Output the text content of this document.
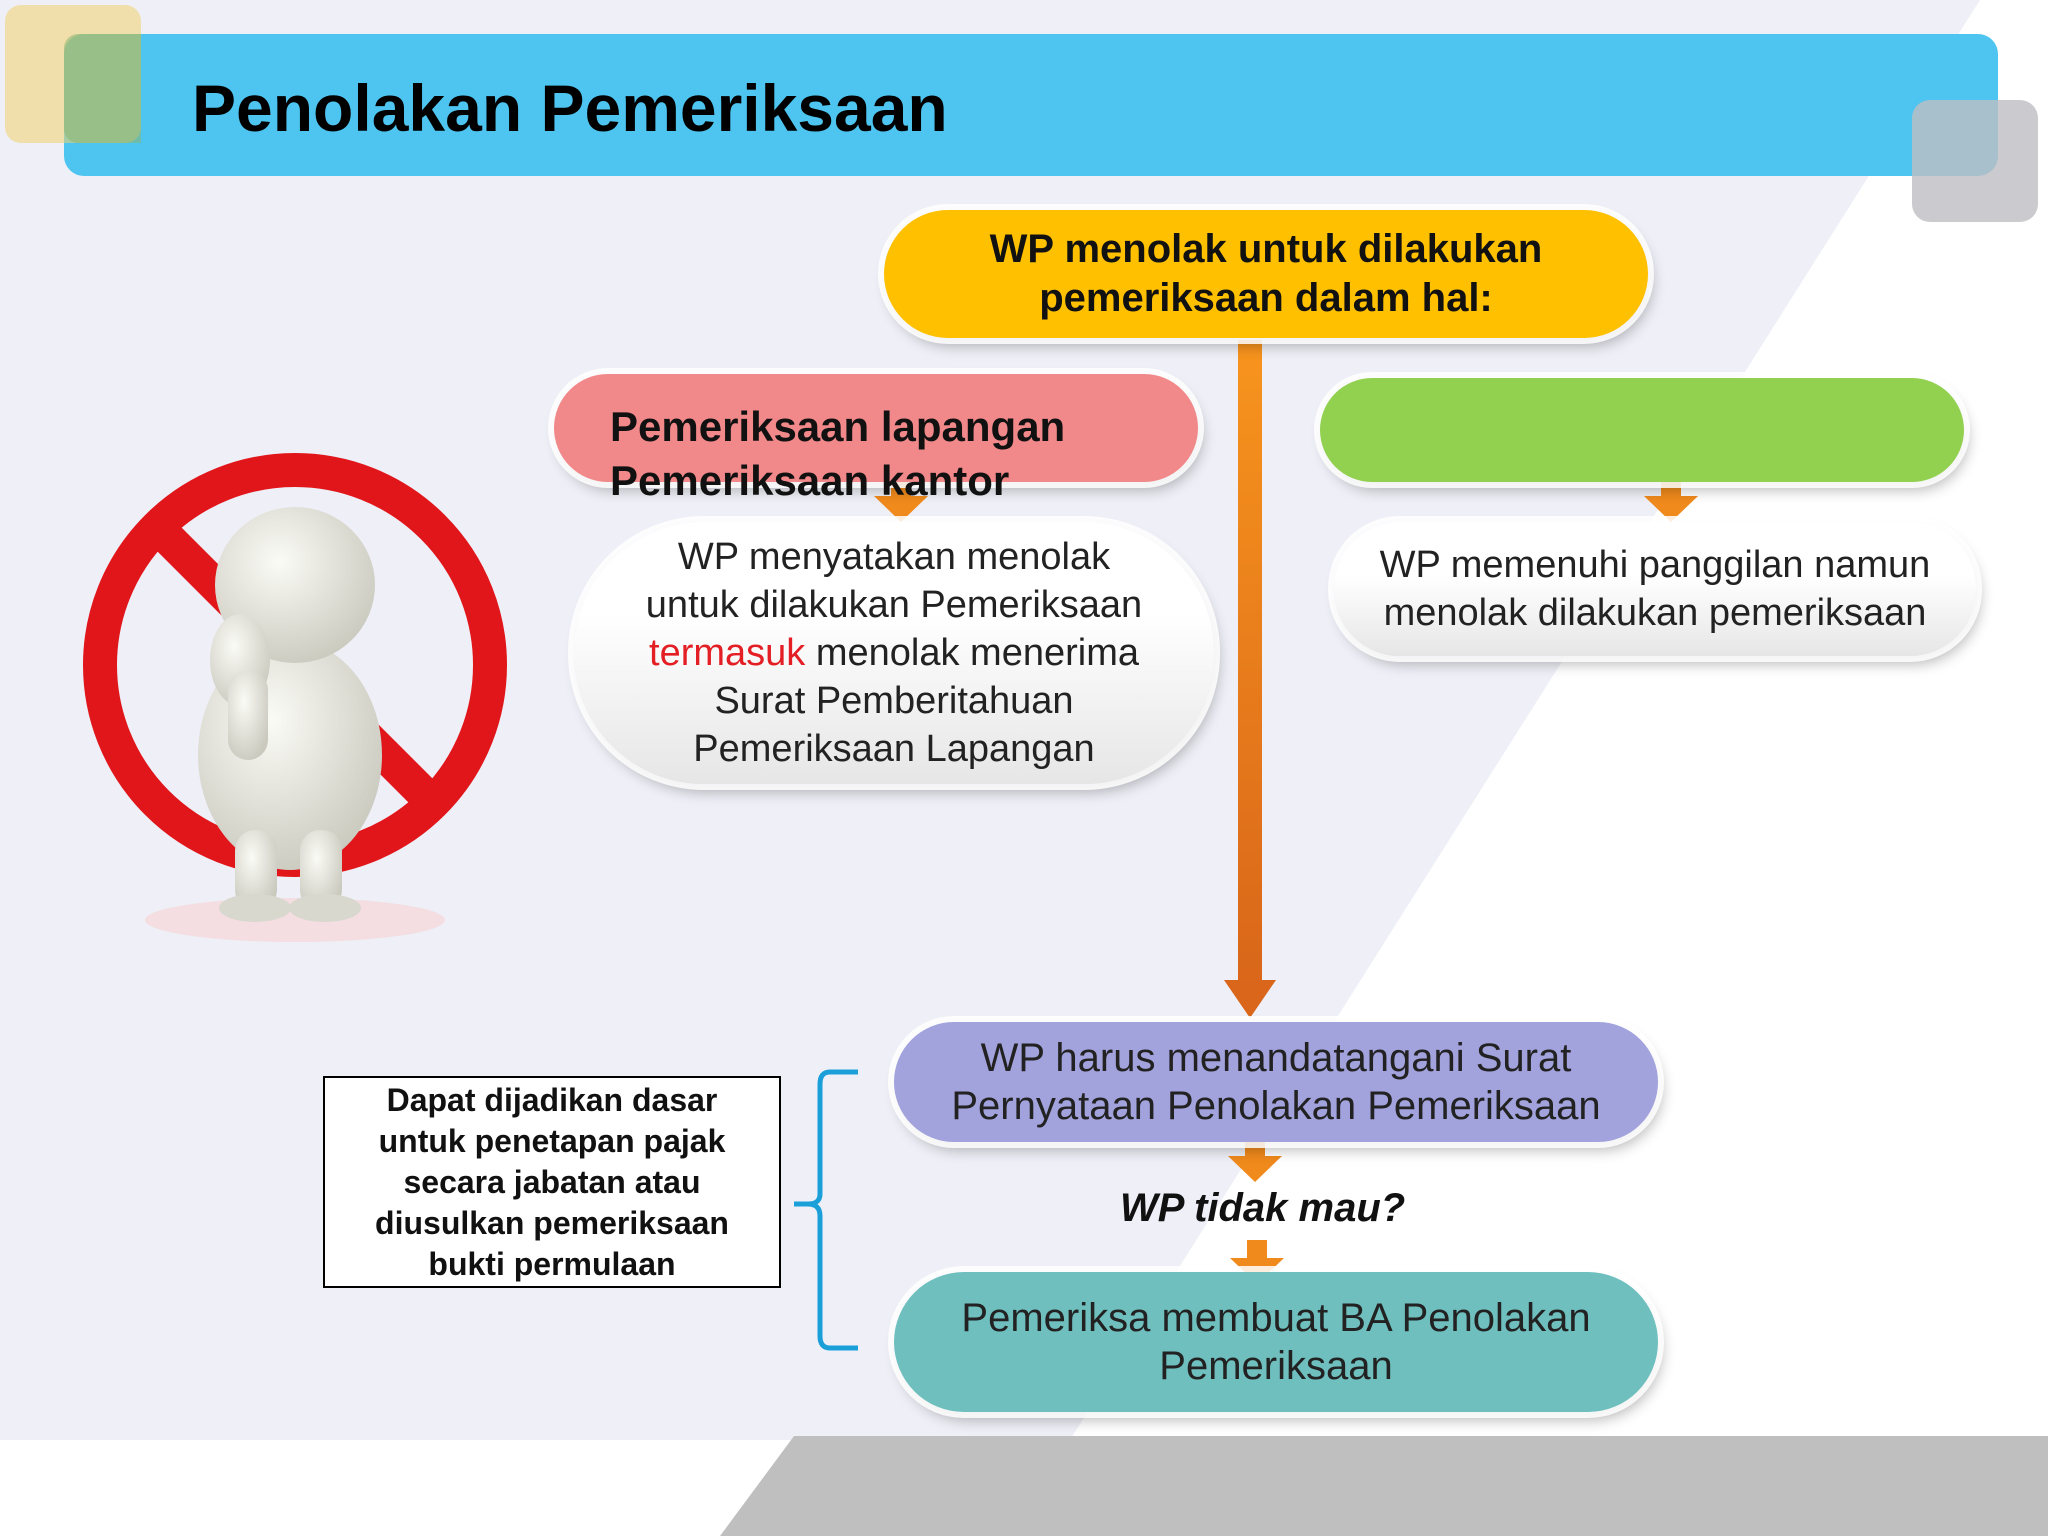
Penolakan Pemeriksaan
WP menolak untuk dilakukan
pemeriksaan dalam hal:
WP menyatakan menolak
untuk dilakukan Pemeriksaan
termasuk menolak menerima
Surat Pemberitahuan
Pemeriksaan Lapangan
WP memenuhi panggilan namun
menolak dilakukan pemeriksaan
Pemeriksaan lapangan
Pemeriksaan kantor
WP harus menandatangani Surat
Pernyataan Penolakan Pemeriksaan
WP tidak mau?
Pemeriksa membuat BA Penolakan
Pemeriksaan
Dapat dijadikan dasar
untuk penetapan pajak
secara jabatan atau
diusulkan pemeriksaan
bukti permulaan
